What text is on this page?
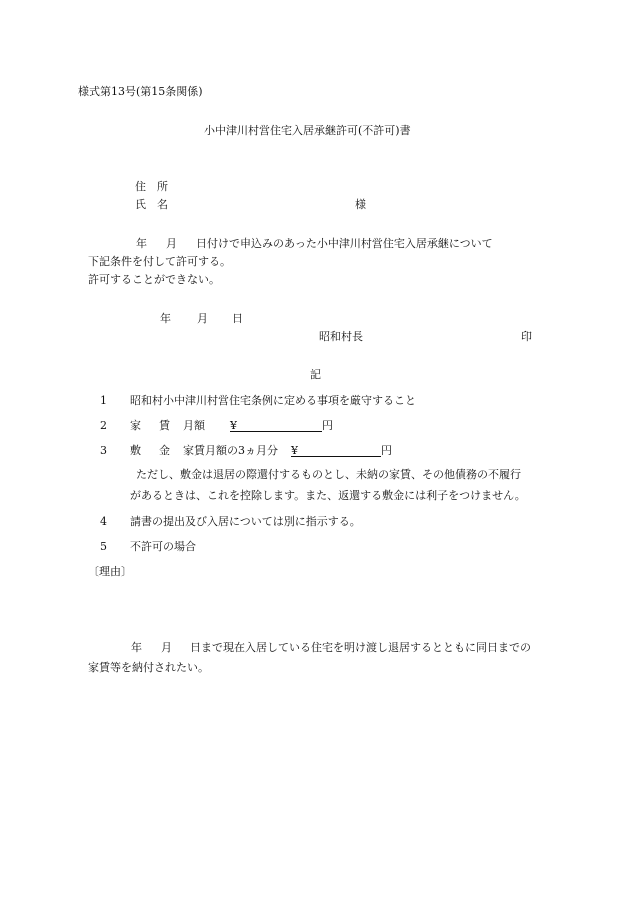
様式第13号(第15条関係)
小中津川村営住宅入居承継許可(不許可)書
住　所
氏　名	様
年 月 日付けで申込みのあった小中津川村営住宅入居承継について
下記条件を付して許可する。
許可することができない。
年 月 日
昭和村長	印
記
1 昭和村小中津川村営住宅条例に定める事項を厳守すること
2 家 賃 月額 ¥	円
3 敷 金 家賃月額の3ヵ月分 ¥	円
ただし、敷金は退居の際還付するものとし、未納の家賃、その他債務の不履行
があるときは、これを控除します。また、返還する敷金には利子をつけません。
4 請書の提出及び入居については別に指示する。
5 不許可の場合
〔理由〕
年 月 日まで現在入居している住宅を明け渡し退居するとともに同日までの
家賃等を納付されたい。
